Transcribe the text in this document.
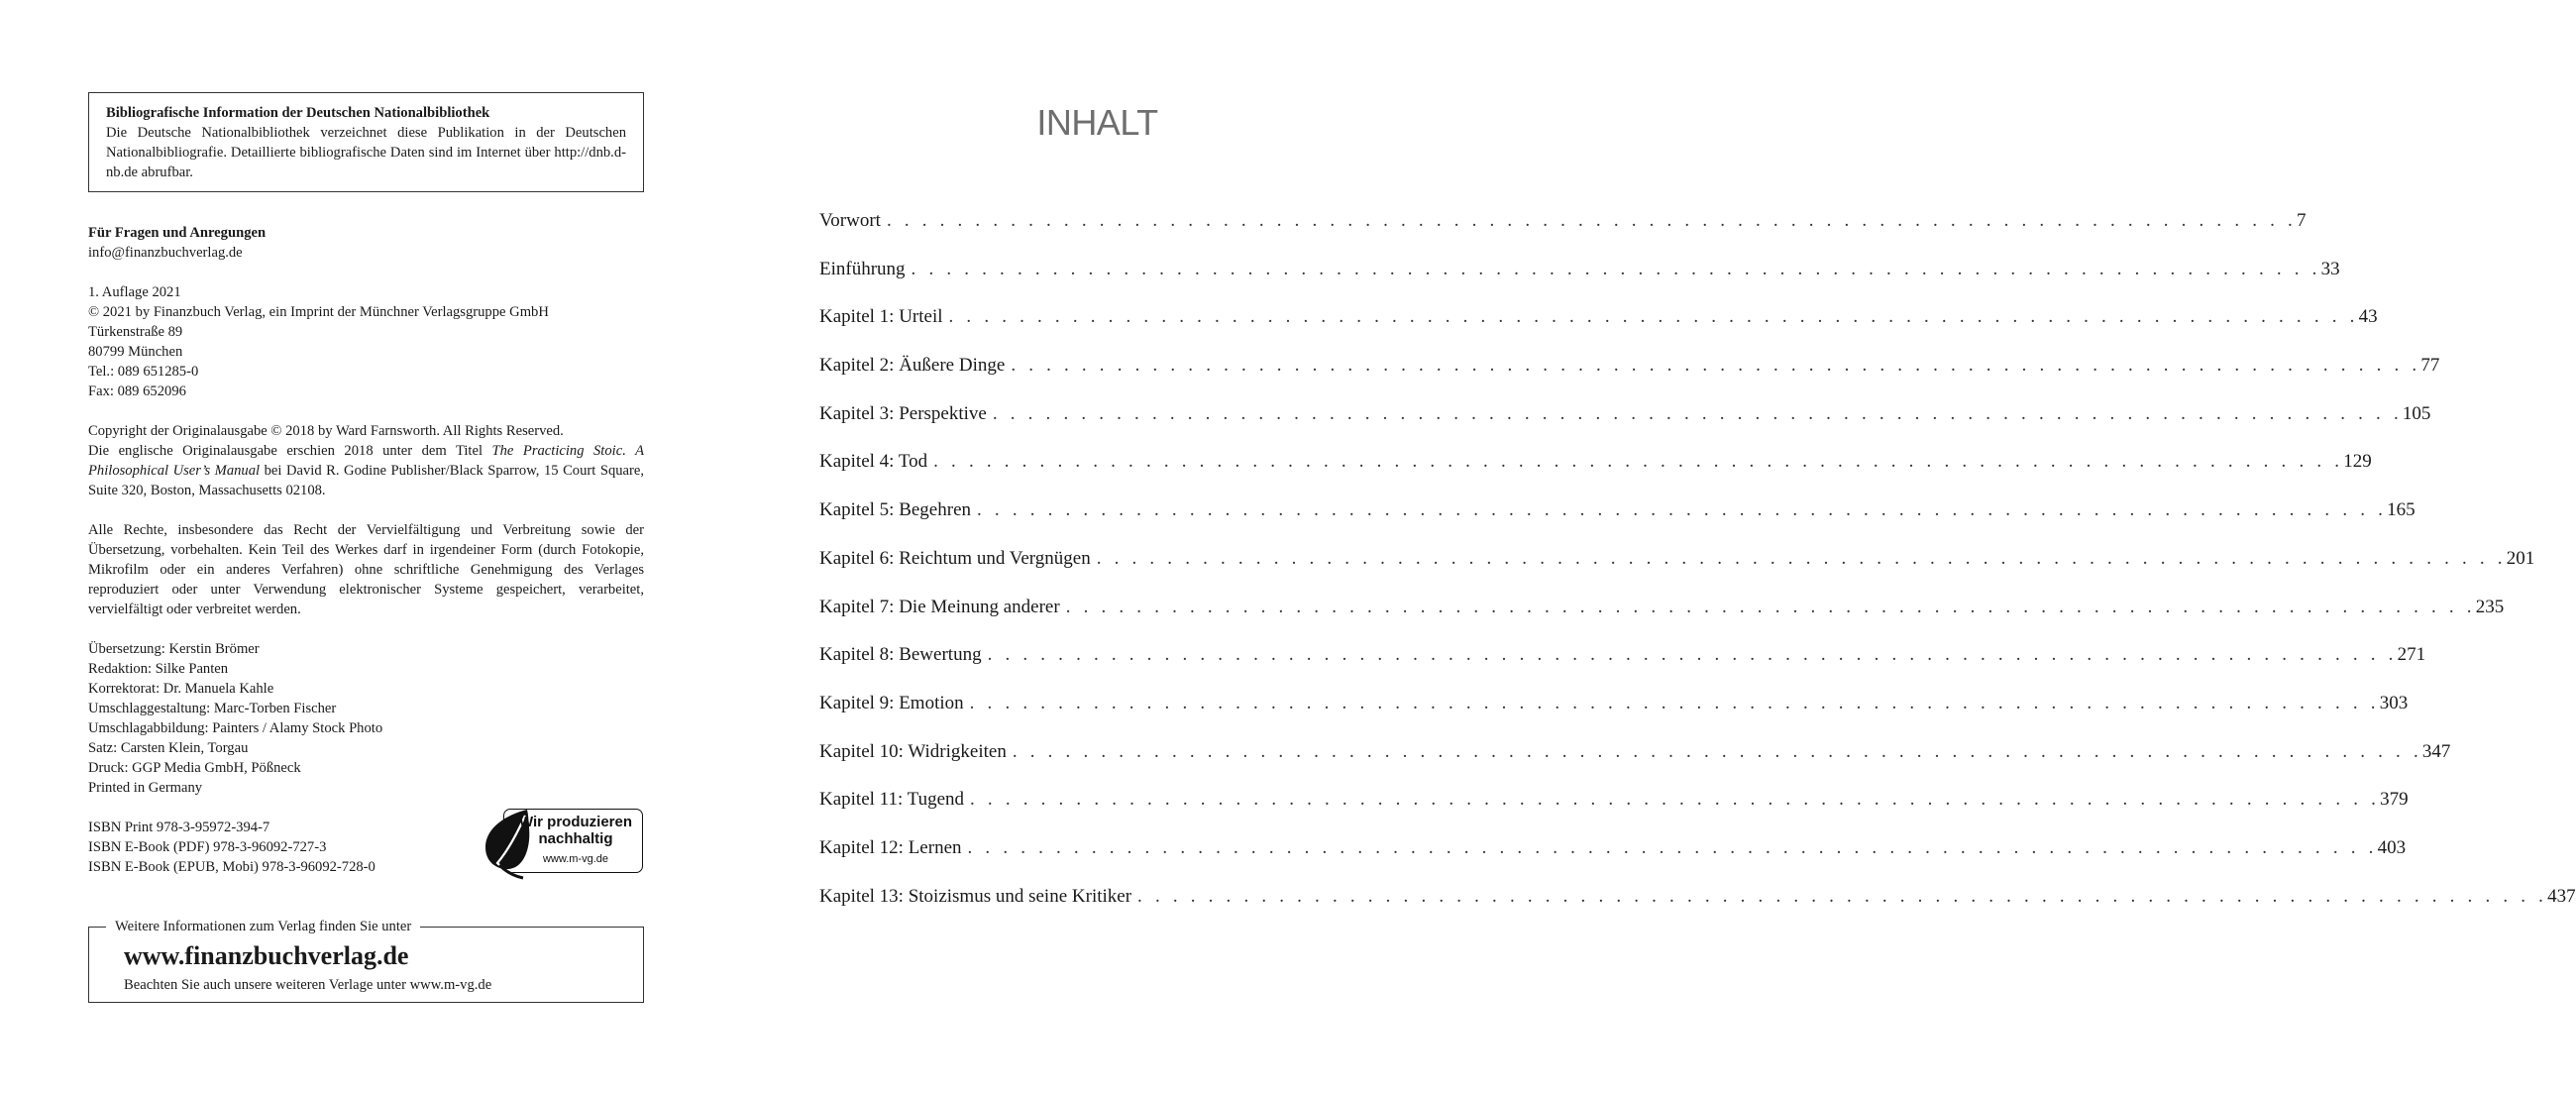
Bibliografische Information der Deutschen Nationalbibliothek

Die Deutsche Nationalbibliothek verzeichnet diese Publikation in der Deutschen Nationalbibliografie. Detaillierte bibliografische Daten sind im Internet über http://dnb.d-nb.de abrufbar.

Für Fragen und Anregungen

info@finanzbuchverlag.de

1. Auflage 2021

© 2021 by Finanzbuch Verlag, ein Imprint der Münchner Verlagsgruppe GmbH

Türkenstraße 89

80799 München

Tel.: 089 651285-0

Fax: 089 652096

Copyright der Originalausgabe © 2018 by Ward Farnsworth. All Rights Reserved.

Die englische Originalausgabe erschien 2018 unter dem Titel The Practicing Stoic. A Philosophical User’s Manual bei David R. Godine Publisher/Black Sparrow, 15 Court Square, Suite 320, Boston, Massachusetts 02108.

Alle Rechte, insbesondere das Recht der Vervielfältigung und Verbreitung sowie der Übersetzung, vorbehalten. Kein Teil des Werkes darf in irgendeiner Form (durch Fotokopie, Mikrofilm oder ein anderes Verfahren) ohne schriftliche Genehmigung des Verlages reproduziert oder unter Verwendung elektronischer Systeme gespeichert, verarbeitet, vervielfältigt oder verbreitet werden.

Übersetzung: Kerstin Brömer

Redaktion: Silke Panten

Korrektorat: Dr. Manuela Kahle

Umschlaggestaltung: Marc-Torben Fischer

Umschlagabbildung: Painters / Alamy Stock Photo

Satz: Carsten Klein, Torgau

Druck: GGP Media GmbH, Pößneck

Printed in Germany

ISBN Print 978-3-95972-394-7

ISBN E-Book (PDF) 978-3-96092-727-3

ISBN E-Book (EPUB, Mobi) 978-3-96092-728-0

Wir produzieren
nachhaltig
www.m-vg.de
Weitere Informationen zum Verlag finden Sie unter
www.finanzbuchverlag.de
Beachten Sie auch unsere weiteren Verlage unter www.m-vg.de
INHALT
Vorwort . . . . . . . . . . . . . . . . . . . . . . . . . . . . . . . . . . . . . . . . . . . . . . . . . . . . . . . . . . . . . . . . . . . . . . . . . . . . . . . . 7
Einführung . . . . . . . . . . . . . . . . . . . . . . . . . . . . . . . . . . . . . . . . . . . . . . . . . . . . . . . . . . . . . . . . . . . . . . . . . . . . . . . . 33
Kapitel 1: Urteil . . . . . . . . . . . . . . . . . . . . . . . . . . . . . . . . . . . . . . . . . . . . . . . . . . . . . . . . . . . . . . . . . . . . . . . . . . . . . . . . 43
Kapitel 2: Äußere Dinge . . . . . . . . . . . . . . . . . . . . . . . . . . . . . . . . . . . . . . . . . . . . . . . . . . . . . . . . . . . . . . . . . . . . . . . . . . . . . . . . 77
Kapitel 3: Perspektive . . . . . . . . . . . . . . . . . . . . . . . . . . . . . . . . . . . . . . . . . . . . . . . . . . . . . . . . . . . . . . . . . . . . . . . . . . . . . . . . 105
Kapitel 4: Tod . . . . . . . . . . . . . . . . . . . . . . . . . . . . . . . . . . . . . . . . . . . . . . . . . . . . . . . . . . . . . . . . . . . . . . . . . . . . . . . . 129
Kapitel 5: Begehren . . . . . . . . . . . . . . . . . . . . . . . . . . . . . . . . . . . . . . . . . . . . . . . . . . . . . . . . . . . . . . . . . . . . . . . . . . . . . . . . 165
Kapitel 6: Reichtum und Vergnügen . . . . . . . . . . . . . . . . . . . . . . . . . . . . . . . . . . . . . . . . . . . . . . . . . . . . . . . . . . . . . . . . . . . . . . . . . . . . . . . . 201
Kapitel 7: Die Meinung anderer . . . . . . . . . . . . . . . . . . . . . . . . . . . . . . . . . . . . . . . . . . . . . . . . . . . . . . . . . . . . . . . . . . . . . . . . . . . . . . . . 235
Kapitel 8: Bewertung . . . . . . . . . . . . . . . . . . . . . . . . . . . . . . . . . . . . . . . . . . . . . . . . . . . . . . . . . . . . . . . . . . . . . . . . . . . . . . . . 271
Kapitel 9: Emotion . . . . . . . . . . . . . . . . . . . . . . . . . . . . . . . . . . . . . . . . . . . . . . . . . . . . . . . . . . . . . . . . . . . . . . . . . . . . . . . . 303
Kapitel 10: Widrigkeiten . . . . . . . . . . . . . . . . . . . . . . . . . . . . . . . . . . . . . . . . . . . . . . . . . . . . . . . . . . . . . . . . . . . . . . . . . . . . . . . . 347
Kapitel 11: Tugend . . . . . . . . . . . . . . . . . . . . . . . . . . . . . . . . . . . . . . . . . . . . . . . . . . . . . . . . . . . . . . . . . . . . . . . . . . . . . . . . 379
Kapitel 12: Lernen . . . . . . . . . . . . . . . . . . . . . . . . . . . . . . . . . . . . . . . . . . . . . . . . . . . . . . . . . . . . . . . . . . . . . . . . . . . . . . . . 403
Kapitel 13: Stoizismus und seine Kritiker . . . . . . . . . . . . . . . . . . . . . . . . . . . . . . . . . . . . . . . . . . . . . . . . . . . . . . . . . . . . . . . . . . . . . . . . . . . . . . . . 437
